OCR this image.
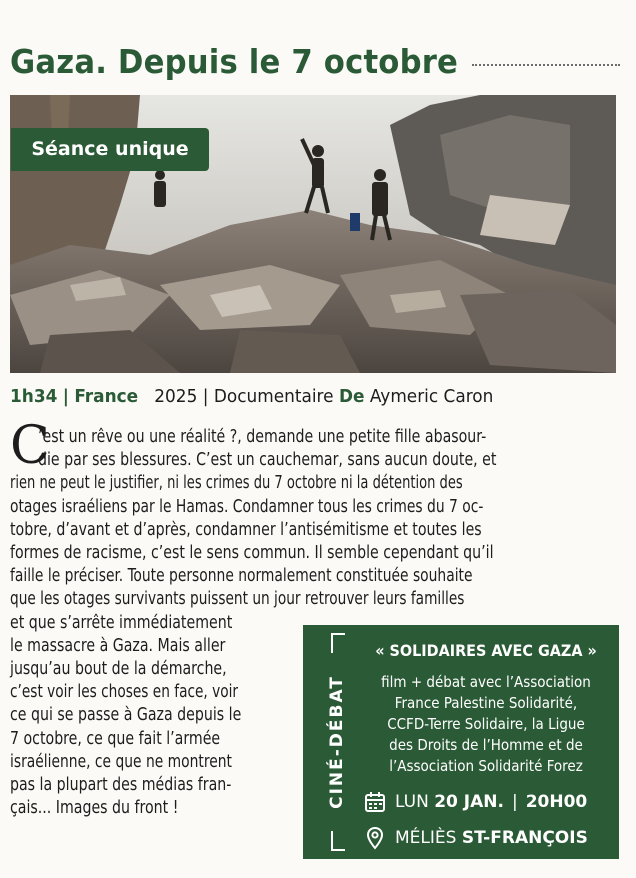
Gaza. Depuis le 7 octobre
Séance unique
1h34 | France 2025 | Documentaire De Aymeric Caron
C
’est un rêve ou une réalité ?, demande une petite fille abasour-
die par ses blessures. C’est un cauchemar, sans aucun doute, et
rien ne peut le justifier, ni les crimes du 7 octobre ni la détention des
otages israéliens par le Hamas. Condamner tous les crimes du 7 oc-
tobre, d’avant et d’après, condamner l’antisémitisme et toutes les
formes de racisme, c’est le sens commun. Il semble cependant qu’il
faille le préciser. Toute personne normalement constituée souhaite
que les otages survivants puissent un jour retrouver leurs familles
et que s’arrête immédiatement
le massacre à Gaza. Mais aller
jusqu’au bout de la démarche,
c’est voir les choses en face, voir
ce qui se passe à Gaza depuis le
7 octobre, ce que fait l’armée
israélienne, ce que ne montrent
pas la plupart des médias fran-
çais... Images du front !	CINÉ-DÉBAT
« SOLIDAIRES AVEC GAZA »
film + débat avec l’Association
France Palestine Solidarité,
CCFD-Terre Solidaire, la Ligue
des Droits de l’Homme et de
l’Association Solidarité Forez
LUN
20 JAN. | 20H00
MÉLIÈS
ST-FRANÇOIS
